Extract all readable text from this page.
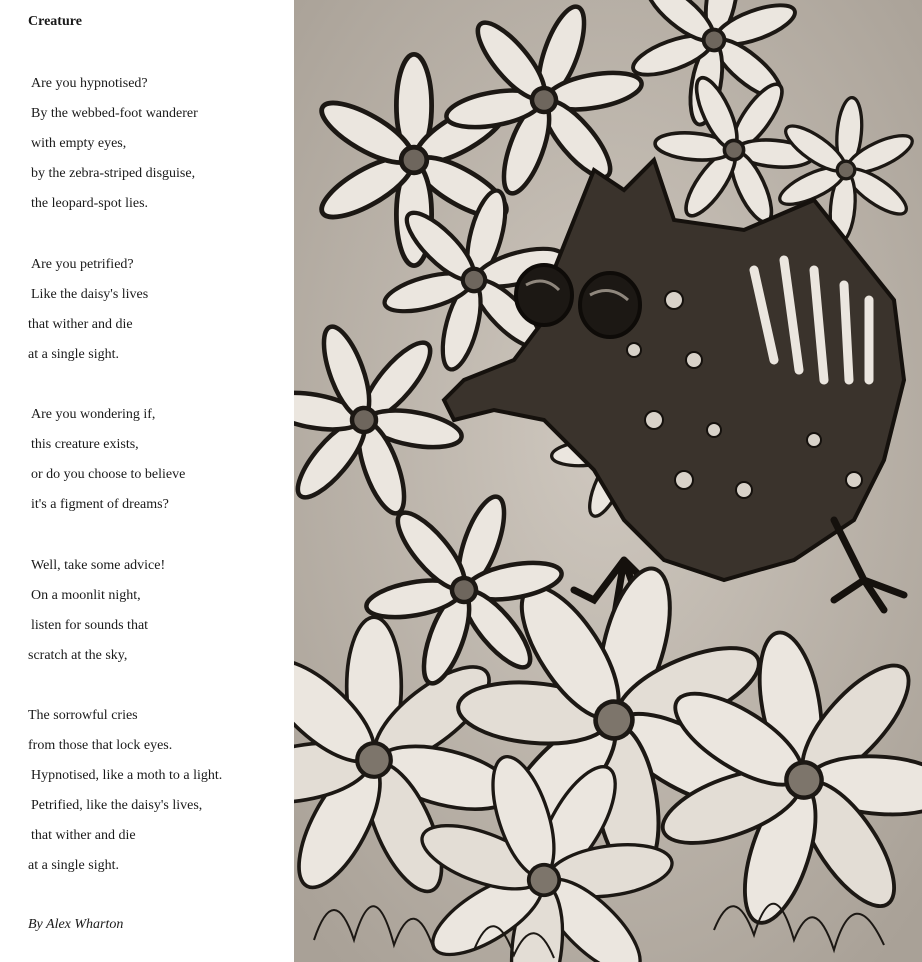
Creature
Are you hypnotised?
By the webbed-foot wanderer
with empty eyes,
by the zebra-striped disguise,
the leopard-spot lies.
Are you petrified?
Like the daisy's lives
that wither and die
at a single sight.
Are you wondering if,
this creature exists,
or do you choose to believe
it's a figment of dreams?
Well, take some advice!
On a moonlit night,
listen for sounds that
scratch at the sky,
The sorrowful cries
from those that lock eyes.
Hypnotised, like a moth to a light.
Petrified, like the daisy's lives,
that wither and die
at a single sight.

By Alex Wharton
